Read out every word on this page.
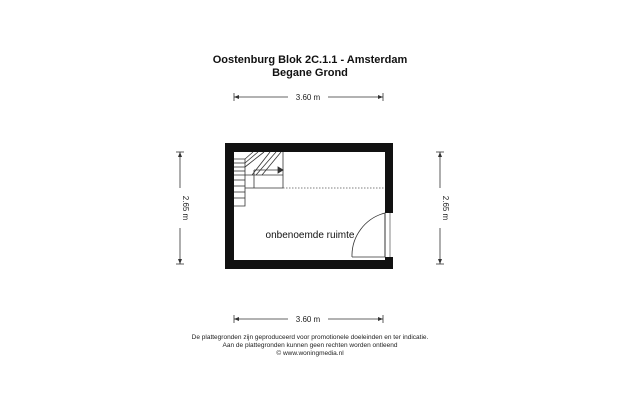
Oostenburg Blok 2C.1.1 - Amsterdam
Begane Grond
3.60 m
3.60 m
2.65 m	2.65 m
onbenoemde ruimte
De plattegronden zijn geproduceerd voor promotionele doeleinden en ter indicatie.
Aan de plattegronden kunnen geen rechten worden ontleend
© www.woningmedia.nl
